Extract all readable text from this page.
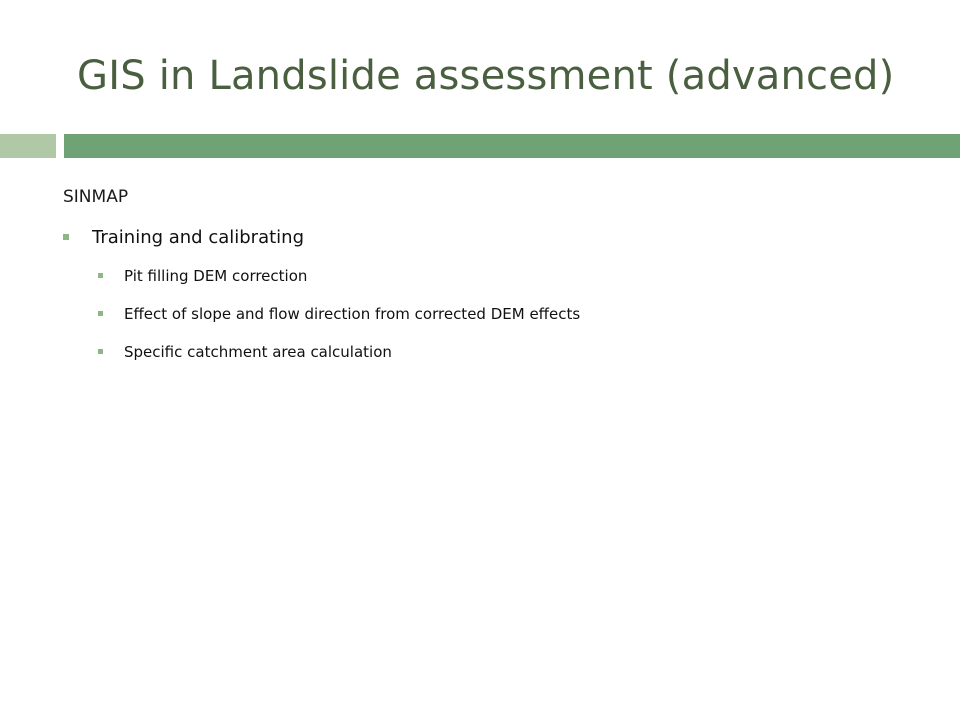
GIS in Landslide assessment (advanced)
SINMAP
Training and calibrating
Pit filling DEM correction
Effect of slope and flow direction from corrected DEM effects
Specific catchment area calculation
